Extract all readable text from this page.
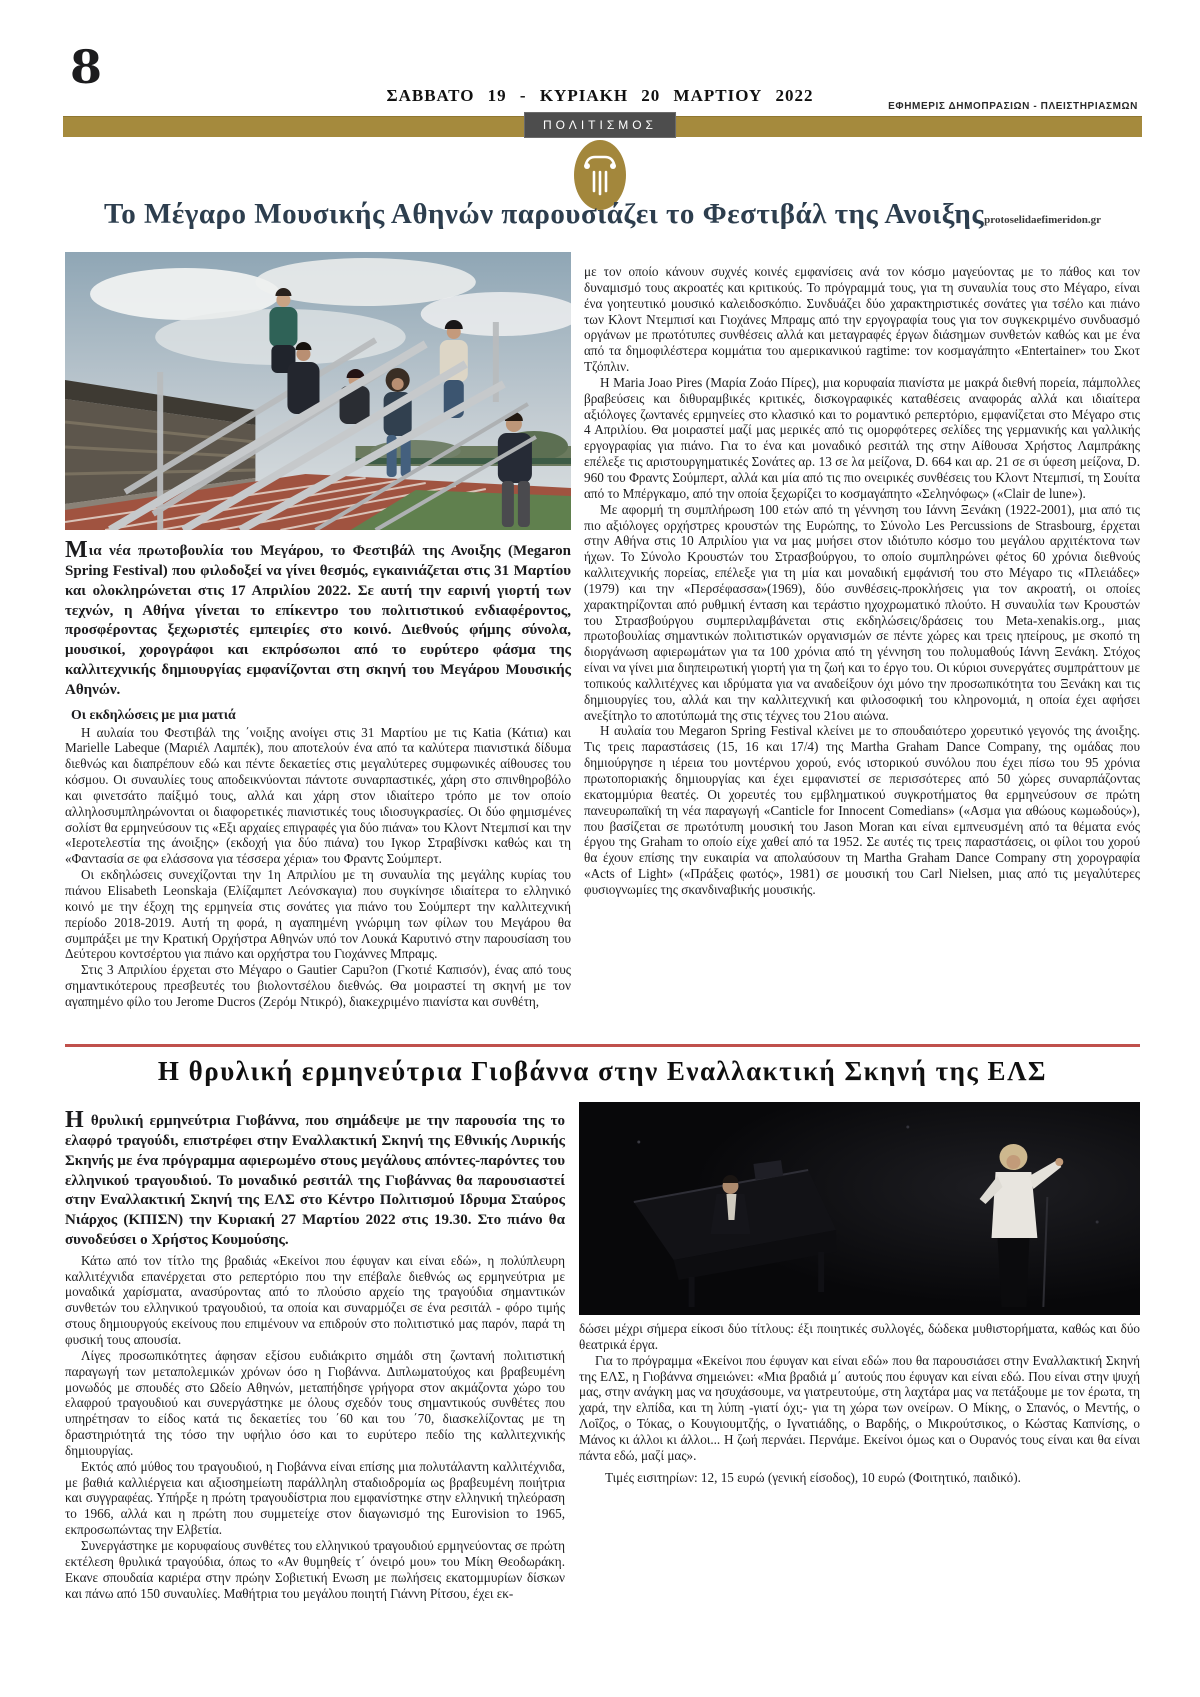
8
ΣΑΒΒΑΤΟ 19 - ΚΥΡΙΑΚΗ 20 ΜΑΡΤΙΟΥ 2022
ΕΦΗΜΕΡΙΣ ΔΗΜΟΠΡΑΣΙΩΝ - ΠΛΕΙΣΤΗΡΙΑΣΜΩΝ
ΠΟΛΙΤΙΣΜΟΣ
Το Μέγαρο Μουσικής Αθηνών παρουσιάζει το Φεστιβάλ της Ανοιξηςprotoselidaefimeridon.gr

Μια νέα πρωτοβουλία του Μεγάρου, το Φεστιβάλ της Ανοιξης (Megaron Spring Festival) που φιλοδοξεί να γίνει θεσμός, εγκαινιάζεται στις 31 Μαρτίου και ολοκληρώνεται στις 17 Απριλίου 2022. Σε αυτή την εαρινή γιορτή των τεχνών, η Αθήνα γίνεται το επίκεντρο του πολιτιστικού ενδιαφέροντος, προσφέροντας ξεχωριστές εμπειρίες στο κοινό. Διεθνούς φήμης σύνολα, μουσικοί, χορογράφοι και εκπρόσωποι από το ευρύτερο φάσμα της καλλιτεχνικής δημιουργίας εμφανίζονται στη σκηνή του Μεγάρου Μουσικής Αθηνών.

Οι εκδηλώσεις με μια ματιά

Η αυλαία του Φεστιβάλ της ΄νοιξης ανοίγει στις 31 Μαρτίου με τις Katia (Κάτια) και Marielle Labeque (Μαριέλ Λαμπέκ), που αποτελούν ένα από τα καλύτερα πιανιστικά δίδυμα διεθνώς και διαπρέπουν εδώ και πέντε δεκαετίες στις μεγαλύτερες συμφωνικές αίθουσες του κόσμου. Οι συναυλίες τους αποδεικνύονται πάντοτε συναρπαστικές, χάρη στο σπινθηροβόλο και φινετσάτο παίξιμό τους, αλλά και χάρη στον ιδιαίτερο τρόπο με τον οποίο αλληλοσυμπληρώνονται οι διαφορετικές πιανιστικές τους ιδιοσυγκρασίες. Οι δύο φημισμένες σολίστ θα ερμηνεύσουν τις «Εξι αρχαίες επιγραφές για δύο πιάνα» του Κλοντ Ντεμπισί και την «Ιεροτελεστία της άνοιξης» (εκδοχή για δύο πιάνα) του Ιγκορ Στραβίνσκι καθώς και τη «Φαντασία σε φα ελάσσονα για τέσσερα χέρια» του Φραντς Σούμπερτ.

Οι εκδηλώσεις συνεχίζονται την 1η Απριλίου με τη συναυλία της μεγάλης κυρίας του πιάνου Elisabeth Leonskaja (Ελίζαμπετ Λεόνσκαγια) που συγκίνησε ιδιαίτερα το ελληνικό κοινό με την έξοχη της ερμηνεία στις σονάτες για πιάνο του Σούμπερτ την καλλιτεχνική περίοδο 2018-2019. Αυτή τη φορά, η αγαπημένη γνώριμη των φίλων του Μεγάρου θα συμπράξει με την Κρατική Ορχήστρα Αθηνών υπό τον Λουκά Καρυτινό στην παρουσίαση του Δεύτερου κοντσέρτου για πιάνο και ορχήστρα του Γιοχάννες Μπραμς.

Στις 3 Απριλίου έρχεται στο Μέγαρο ο Gautier Capu?on (Γκοτιέ Καπισόν), ένας από τους σημαντικότερους πρεσβευτές του βιολοντσέλου διεθνώς. Θα μοιραστεί τη σκηνή με τον αγαπημένο φίλο του Jerome Ducros (Ζερόμ Ντικρό), διακεχριμένο πιανίστα και συνθέτη,

με τον οποίο κάνουν συχνές κοινές εμφανίσεις ανά τον κόσμο μαγεύοντας με το πάθος και τον δυναμισμό τους ακροατές και κριτικούς. Το πρόγραμμά τους, για τη συναυλία τους στο Μέγαρο, είναι ένα γοητευτικό μουσικό καλειδοσκόπιο. Συνδυάζει δύο χαρακτηριστικές σονάτες για τσέλο και πιάνο των Κλοντ Ντεμπισί και Γιοχάνες Μπραμς από την εργογραφία τους για τον συγκεκριμένο συνδυασμό οργάνων με πρωτότυπες συνθέσεις αλλά και μεταγραφές έργων διάσημων συνθετών καθώς και με ένα από τα δημοφιλέστερα κομμάτια του αμερικανικού ragtime: τον κοσμαγάπητο «Entertainer» του Σκοτ Τζόπλιν.

Η Maria Joao Pires (Μαρία Ζοάο Πίρες), μια κορυφαία πιανίστα με μακρά διεθνή πορεία, πάμπολλες βραβεύσεις και διθυραμβικές κριτικές, δισκογραφικές καταθέσεις αναφοράς αλλά και ιδιαίτερα αξιόλογες ζωντανές ερμηνείες στο κλασικό και το ρομαντικό ρεπερτόριο, εμφανίζεται στο Μέγαρο στις 4 Απριλίου. Θα μοιραστεί μαζί μας μερικές από τις ομορφότερες σελίδες της γερμανικής και γαλλικής εργογραφίας για πιάνο. Για το ένα και μοναδικό ρεσιτάλ της στην Αίθουσα Χρήστος Λαμπράκης επέλεξε τις αριστουργηματικές Σονάτες αρ. 13 σε λα μείζονα, D. 664 και αρ. 21 σε σι ύφεση μείζονα, D. 960 του Φραντς Σούμπερτ, αλλά και μία από τις πιο ονειρικές συνθέσεις του Κλοντ Ντεμπισί, τη Σουίτα από το Μπέργκαμο, από την οποία ξεχωρίζει το κοσμαγάπητο «Σεληνόφως» («Clair de lune»).

Με αφορμή τη συμπλήρωση 100 ετών από τη γέννηση του Ιάννη Ξενάκη (1922-2001), μια από τις πιο αξιόλογες ορχήστρες κρουστών της Ευρώπης, το Σύνολο Les Percussions de Strasbourg, έρχεται στην Αθήνα στις 10 Απριλίου για να μας μυήσει στον ιδιότυπο κόσμο του μεγάλου αρχιτέκτονα των ήχων. Το Σύνολο Κρουστών του Στρασβούργου, το οποίο συμπληρώνει φέτος 60 χρόνια διεθνούς καλλιτεχνικής πορείας, επέλεξε για τη μία και μοναδική εμφάνισή του στο Μέγαρο τις «Πλειάδες» (1979) και την «Περσέφασσα»(1969), δύο συνθέσεις-προκλήσεις για τον ακροατή, οι οποίες χαρακτηρίζονται από ρυθμική ένταση και τεράστιο ηχοχρωματικό πλούτο. Η συναυλία των Κρουστών του Στρασβούργου συμπεριλαμβάνεται στις εκδηλώσεις/δράσεις του Meta-xenakis.org., μιας πρωτοβουλίας σημαντικών πολιτιστικών οργανισμών σε πέντε χώρες και τρεις ηπείρους, με σκοπό τη διοργάνωση αφιερωμάτων για τα 100 χρόνια από τη γέννηση του πολυμαθούς Ιάννη Ξενάκη. Στόχος είναι να γίνει μια διηπειρωτική γιορτή για τη ζωή και το έργο του. Οι κύριοι συνεργάτες συμπράττουν με τοπικούς καλλιτέχνες και ιδρύματα για να αναδείξουν όχι μόνο την προσωπικότητα του Ξενάκη και τις δημιουργίες του, αλλά και την καλλιτεχνική και φιλοσοφική του κληρονομιά, η οποία έχει αφήσει ανεξίτηλο το αποτύπωμά της στις τέχνες του 21ου αιώνα.

Η αυλαία του Megaron Spring Festival κλείνει με το σπουδαιότερο χορευτικό γεγονός της άνοιξης. Τις τρεις παραστάσεις (15, 16 και 17/4) της Martha Graham Dance Company, της ομάδας που δημιούργησε η ιέρεια του μοντέρνου χορού, ενός ιστορικού συνόλου που έχει πίσω του 95 χρόνια πρωτοποριακής δημιουργίας και έχει εμφανιστεί σε περισσότερες από 50 χώρες συναρπάζοντας εκατομμύρια θεατές. Οι χορευτές του εμβληματικού συγκροτήματος θα ερμηνεύσουν σε πρώτη πανευρωπαϊκή τη νέα παραγωγή «Canticle for Innocent Comedians» («Ασμα για αθώους κωμωδούς»), που βασίζεται σε πρωτότυπη μουσική του Jason Moran και είναι εμπνευσμένη από τα θέματα ενός έργου της Graham το οποίο είχε χαθεί από τα 1952. Σε αυτές τις τρεις παραστάσεις, οι φίλοι του χορού θα έχουν επίσης την ευκαιρία να απολαύσουν τη Martha Graham Dance Company στη χορογραφία «Acts of Light» («Πράξεις φωτός», 1981) σε μουσική του Carl Nielsen, μιας από τις μεγαλύτερες φυσιογνωμίες της σκανδιναβικής μουσικής.

Η θρυλική ερμηνεύτρια Γιοβάννα στην Εναλλακτική Σκηνή της ΕΛΣ

Η θρυλική ερμηνεύτρια Γιοβάννα, που σημάδεψε με την παρουσία της το ελαφρό τραγούδι, επιστρέφει στην Εναλλακτική Σκηνή της Εθνικής Λυρικής Σκηνής με ένα πρόγραμμα αφιερωμένο στους μεγάλους απόντες-παρόντες του ελληνικού τραγουδιού. Το μοναδικό ρεσιτάλ της Γιοβάννας θα παρουσιαστεί στην Εναλλακτική Σκηνή της ΕΛΣ στο Κέντρο Πολιτισμού Ιδρυμα Σταύρος Νιάρχος (ΚΠΙΣΝ) την Κυριακή 27 Μαρτίου 2022 στις 19.30. Στο πιάνο θα συνοδεύσει ο Χρήστος Κουμούσης.

Κάτω από τον τίτλο της βραδιάς «Εκείνοι που έφυγαν και είναι εδώ», η πολύπλευρη καλλιτέχνιδα επανέρχεται στο ρεπερτόριο που την επέβαλε διεθνώς ως ερμηνεύτρια με μοναδικά χαρίσματα, ανασύροντας από το πλούσιο αρχείο της τραγούδια σημαντικών συνθετών του ελληνικού τραγουδιού, τα οποία και συναρμόζει σε ένα ρεσιτάλ - φόρο τιμής στους δημιουργούς εκείνους που επιμένουν να επιδρούν στο πολιτιστικό μας παρόν, παρά τη φυσική τους απουσία.

Λίγες προσωπικότητες άφησαν εξίσου ευδιάκριτο σημάδι στη ζωντανή πολιτιστική παραγωγή των μεταπολεμικών χρόνων όσο η Γιοβάννα. Διπλωματούχος και βραβευμένη μονωδός με σπουδές στο Ωδείο Αθηνών, μεταπήδησε γρήγορα στον ακμάζοντα χώρο του ελαφρού τραγουδιού και συνεργάστηκε με όλους σχεδόν τους σημαντικούς συνθέτες που υπηρέτησαν το είδος κατά τις δεκαετίες του ΄60 και του ΄70, διασκελίζοντας με τη δραστηριότητά της τόσο την υφήλιο όσο και το ευρύτερο πεδίο της καλλιτεχνικής δημιουργίας.

Εκτός από μύθος του τραγουδιού, η Γιοβάννα είναι επίσης μια πολυτάλαντη καλλιτέχνιδα, με βαθιά καλλιέργεια και αξιοσημείωτη παράλληλη σταδιοδρομία ως βραβευμένη ποιήτρια και συγγραφέας. Υπήρξε η πρώτη τραγουδίστρια που εμφανίστηκε στην ελληνική τηλεόραση το 1966, αλλά και η πρώτη που συμμετείχε στον διαγωνισμό της Eurovision το 1965, εκπροσωπώντας την Ελβετία.

Συνεργάστηκε με κορυφαίους συνθέτες του ελληνικού τραγουδιού ερμηνεύοντας σε πρώτη εκτέλεση θρυλικά τραγούδια, όπως το «Αν θυμηθείς τ΄ όνειρό μου» του Μίκη Θεοδωράκη. Εκανε σπουδαία καριέρα στην πρώην Σοβιετική Ενωση με πωλήσεις εκατομμυρίων δίσκων και πάνω από 150 συναυλίες. Μαθήτρια του μεγάλου ποιητή Γιάννη Ρίτσου, έχει εκ-

δώσει μέχρι σήμερα είκοσι δύο τίτλους: έξι ποιητικές συλλογές, δώδεκα μυθιστορήματα, καθώς και δύο θεατρικά έργα.

Για το πρόγραμμα «Εκείνοι που έφυγαν και είναι εδώ» που θα παρουσιάσει στην Εναλλακτική Σκηνή της ΕΛΣ, η Γιοβάννα σημειώνει: «Μια βραδιά μ΄ αυτούς που έφυγαν και είναι εδώ. Που είναι στην ψυχή μας, στην ανάγκη μας να ησυχάσουμε, να γιατρευτούμε, στη λαχτάρα μας να πετάξουμε με τον έρωτα, τη χαρά, την ελπίδα, και τη λύπη -γιατί όχι;- για τη χώρα των ονείρων. Ο Μίκης, ο Σπανός, ο Μεντής, ο Λοΐζος, ο Τόκας, ο Κουγιουμτζής, ο Ιγνατιάδης, ο Βαρδής, ο Μικρούτσικος, ο Κώστας Καπνίσης, ο Μάνος κι άλλοι κι άλλοι... Η ζωή περνάει. Περνάμε. Εκείνοι όμως και ο Ουρανός τους είναι και θα είναι πάντα εδώ, μαζί μας».

Τιμές εισιτηρίων: 12, 15 ευρώ (γενική είσοδος), 10 ευρώ (Φοιτητικό, παιδικό).
